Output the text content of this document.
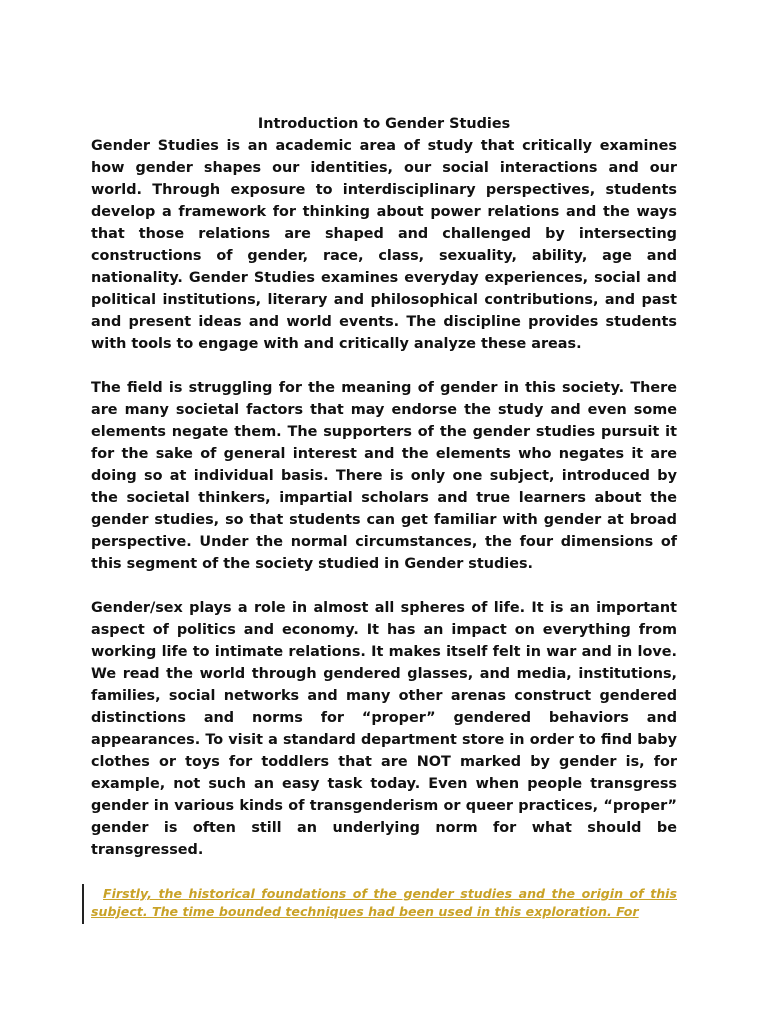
Introduction to Gender Studies

Gender Studies is an academic area of study that critically examines how gender shapes our identities, our social interactions and our world. Through exposure to interdisciplinary perspectives, students develop a framework for thinking about power relations and the ways that those relations are shaped and challenged by intersecting constructions of gender, race, class, sexuality, ability, age and nationality. Gender Studies examines everyday experiences, social and political institutions, literary and philosophical contributions, and past and present ideas and world events. The discipline provides students with tools to engage with and critically analyze these areas.

The field is struggling for the meaning of gender in this society. There are many societal factors that may endorse the study and even some elements negate them. The supporters of the gender studies pursuit it for the sake of general interest and the elements who negates it are doing so at individual basis. There is only one subject, introduced by the societal thinkers, impartial scholars and true learners about the gender studies, so that students can get familiar with gender at broad perspective. Under the normal circumstances, the four dimensions of this segment of the society studied in Gender studies.

Gender/sex plays a role in almost all spheres of life. It is an important aspect of politics and economy. It has an impact on everything from working life to intimate relations. It makes itself felt in war and in love. We read the world through gendered glasses, and media, institutions, families, social networks and many other arenas construct gendered distinctions and norms for “proper” gendered behaviors and appearances. To visit a standard department store in order to find baby clothes or toys for toddlers that are NOT marked by gender is, for example, not such an easy task today. Even when people transgress gender in various kinds of transgenderism or queer practices, “proper” gender is often still an underlying norm for what should be transgressed.

Firstly, the historical foundations of the gender studies and the origin of this subject. The time bounded techniques had been used in this exploration. For
